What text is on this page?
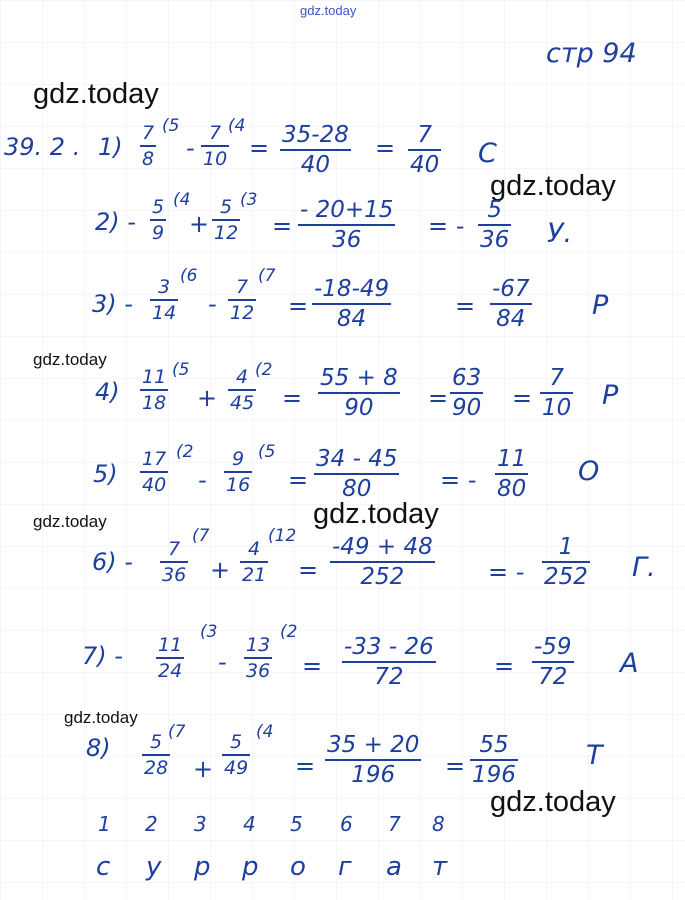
gdz.today
gdz.today
gdz.today
gdz.today
gdz.today	gdz.today
gdz.today
gdz.today
стр 94
39. 2 . 1) 7
8
(5
-
7
10
(4
= 35-28
40
= 7
40 С
2) -
5
9
(4
+
5
12
(3
=
- 20+15
36	= -
5
36 У.
3) -
3
14
(6
-
7
12
(7
=
-18-49
84	=
-67
84 Р
4)
11
18
(5
+
4
45
(2
=
55 + 8
90	=
63
90 =
7
10 Р
5)
17
40
(2
-
9
16
(5
=
34 - 45
80	= -
11
80
О
6) -	7
36
(7
+
4
21
(12
=
-49 + 48
252	= -
1
252 Г.
7) - 11
24
(3
-
13
36
(2
=
-33 - 26
72	=
-59
72 А
8)	5
28
(7
+
5
49
(4
=
35 + 20
196	=
55
196
Т
1 2 3 4 5 6 7 8
с у р р о г а т
